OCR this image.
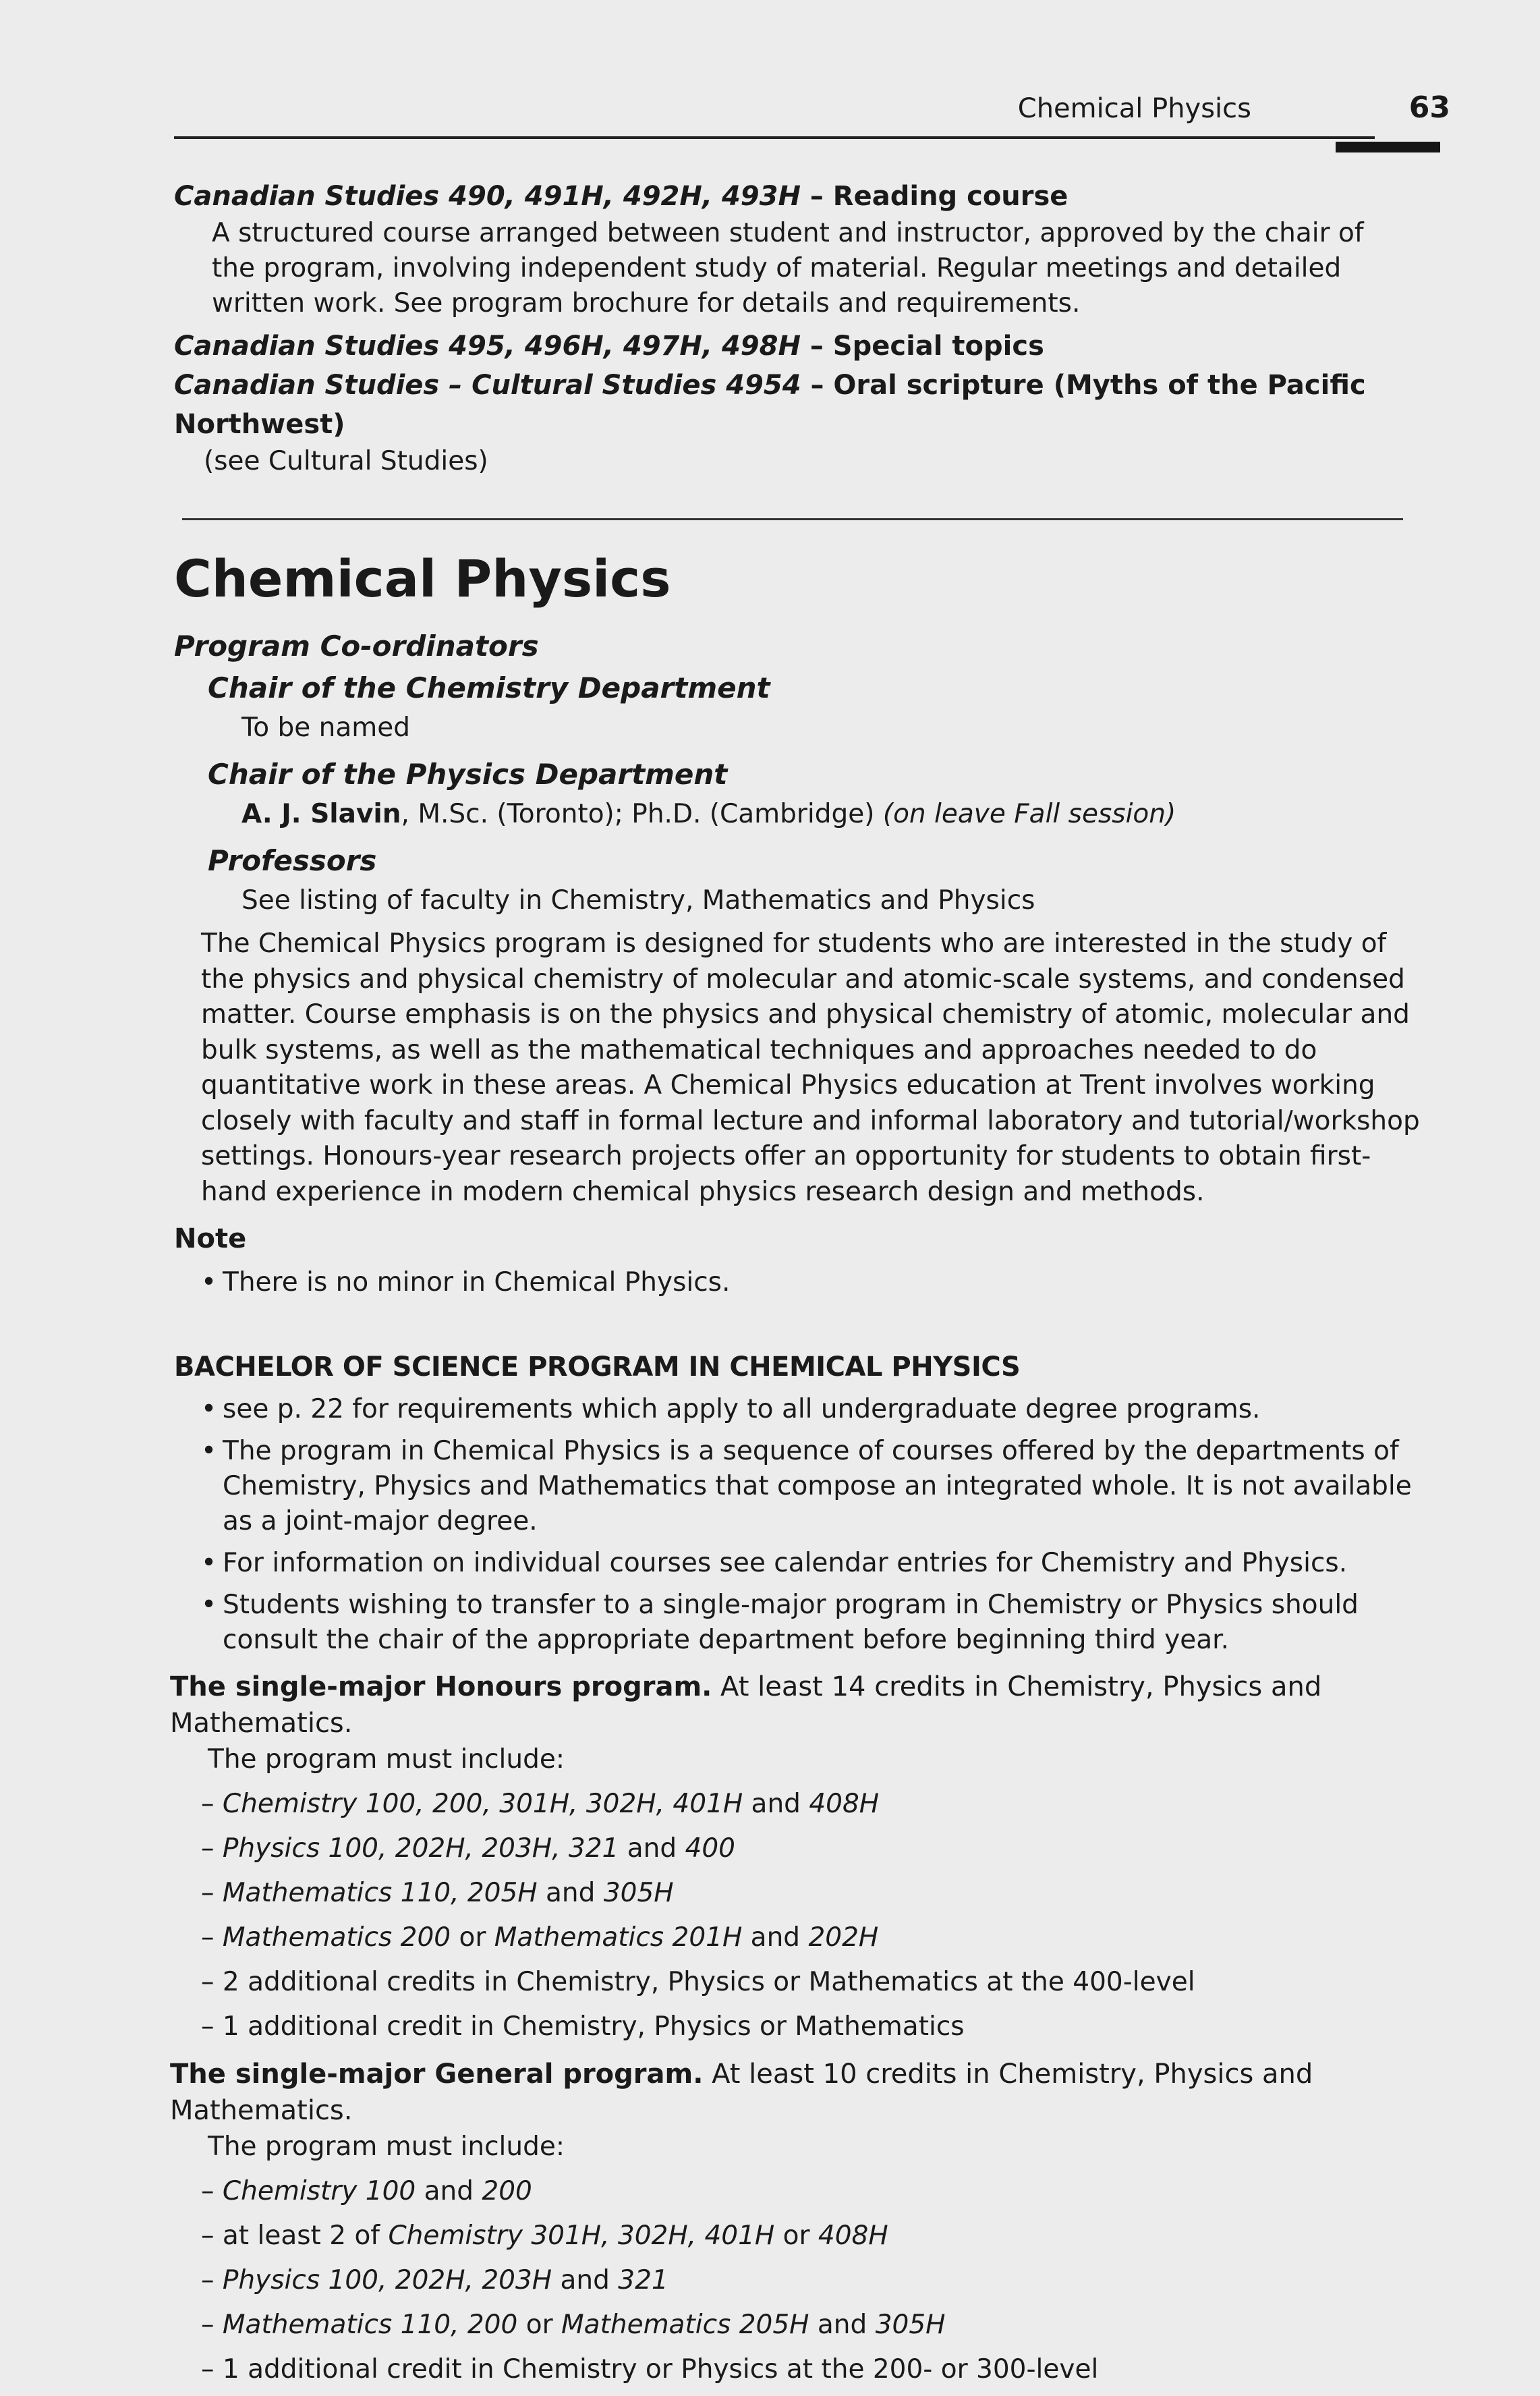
Chemical Physics	63

Canadian Studies 490, 491H, 492H, 493H – Reading course

A structured course arranged between student and instructor, approved by the chair of the program, involving independent study of material. Regular meetings and detailed written work. See program brochure for details and requirements.

Canadian Studies 495, 496H, 497H, 498H – Special topics

Canadian Studies – Cultural Studies 4954 – Oral scripture (Myths of the Pacific Northwest)

(see Cultural Studies)

Chemical Physics

Program Co-ordinators

Chair of the Chemistry Department

To be named

Chair of the Physics Department

A. J. Slavin, M.Sc. (Toronto); Ph.D. (Cambridge) (on leave Fall session)

Professors

See listing of faculty in Chemistry, Mathematics and Physics

The Chemical Physics program is designed for students who are interested in the study of the physics and physical chemistry of molecular and atomic-scale systems, and condensed matter. Course emphasis is on the physics and physical chemistry of atomic, molecular and bulk systems, as well as the mathematical techniques and approaches needed to do quantitative work in these areas. A Chemical Physics education at Trent involves working closely with faculty and staff in formal lecture and informal laboratory and tutorial/workshop settings. Honours-year research projects offer an opportunity for students to obtain first-hand experience in modern chemical physics research design and methods.

Note

• There is no minor in Chemical Physics.

BACHELOR OF SCIENCE PROGRAM IN CHEMICAL PHYSICS

• see p. 22 for requirements which apply to all undergraduate degree programs.

• The program in Chemical Physics is a sequence of courses offered by the departments of Chemistry, Physics and Mathematics that compose an integrated whole. It is not available as a joint-major degree.

• For information on individual courses see calendar entries for Chemistry and Physics.

• Students wishing to transfer to a single-major program in Chemistry or Physics should consult the chair of the appropriate department before beginning third year.

The single-major Honours program. At least 14 credits in Chemistry, Physics and Mathematics.

The program must include:

– Chemistry 100, 200, 301H, 302H, 401H and 408H

– Physics 100, 202H, 203H, 321 and 400

– Mathematics 110, 205H and 305H

– Mathematics 200 or Mathematics 201H and 202H

– 2 additional credits in Chemistry, Physics or Mathematics at the 400-level

– 1 additional credit in Chemistry, Physics or Mathematics

The single-major General program. At least 10 credits in Chemistry, Physics and Mathematics.

The program must include:

– Chemistry 100 and 200

– at least 2 of Chemistry 301H, 302H, 401H or 408H

– Physics 100, 202H, 203H and 321

– Mathematics 110, 200 or Mathematics 205H and 305H

– 1 additional credit in Chemistry or Physics at the 200- or 300-level
